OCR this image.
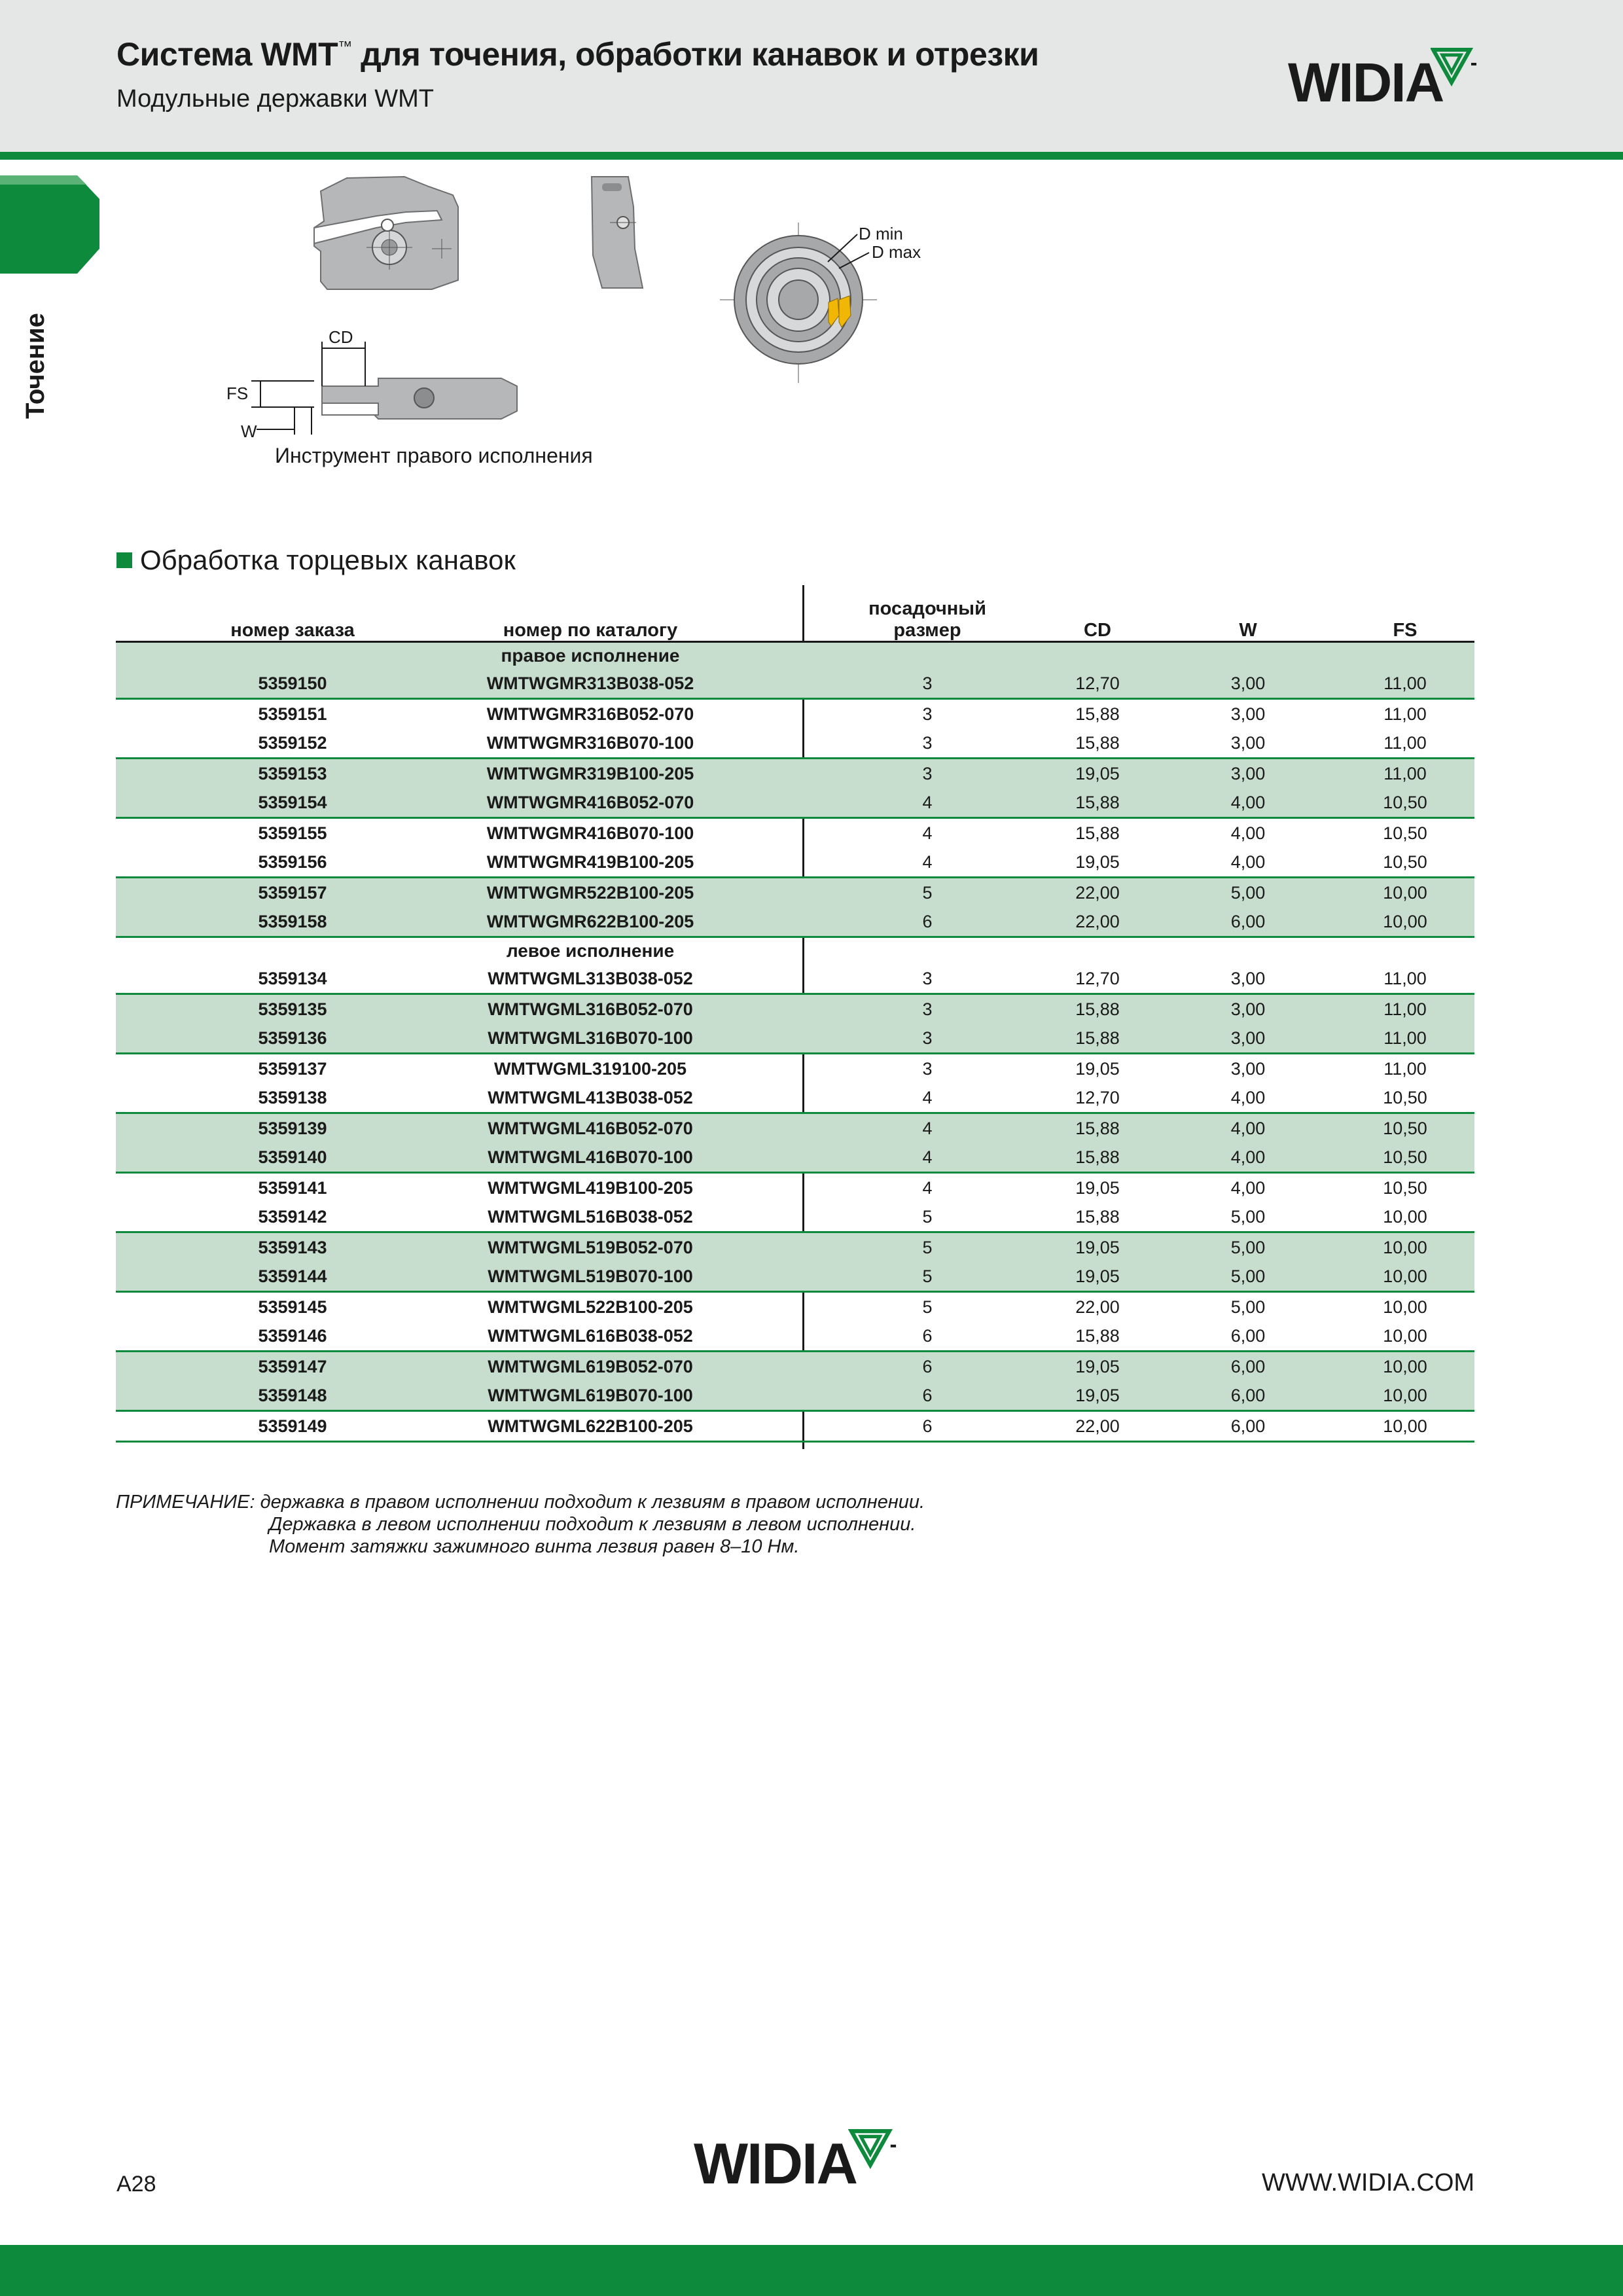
Система WMT™ для точения, обработки канавок и отрезки
Модульные державки WMT	WIDIA
Точение
D min
D max
CD
FS
W
Инструмент правого исполнения
Обработка торцевых канавок
номер заказа	номер по каталогу
посадочный
размер	CD	W	FS
правое исполнение
5359150	WMTWGMR313B038-052	3	12,70	3,00	11,00
5359151	WMTWGMR316B052-070	3	15,88	3,00	11,00
5359152	WMTWGMR316B070-100	3	15,88	3,00	11,00
5359153	WMTWGMR319B100-205	3	19,05	3,00	11,00
5359154	WMTWGMR416B052-070	4	15,88	4,00	10,50
5359155	WMTWGMR416B070-100	4	15,88	4,00	10,50
5359156	WMTWGMR419B100-205	4	19,05	4,00	10,50
5359157	WMTWGMR522B100-205	5	22,00	5,00	10,00
5359158	WMTWGMR622B100-205	6	22,00	6,00	10,00
левое исполнение
5359134	WMTWGML313B038-052	3	12,70	3,00	11,00
5359135	WMTWGML316B052-070	3	15,88	3,00	11,00
5359136	WMTWGML316B070-100	3	15,88	3,00	11,00
5359137	WMTWGML319100-205	3	19,05	3,00	11,00
5359138	WMTWGML413B038-052	4	12,70	4,00	10,50
5359139	WMTWGML416B052-070	4	15,88	4,00	10,50
5359140	WMTWGML416B070-100	4	15,88	4,00	10,50
5359141	WMTWGML419B100-205	4	19,05	4,00	10,50
5359142	WMTWGML516B038-052	5	15,88	5,00	10,00
5359143	WMTWGML519B052-070	5	19,05	5,00	10,00
5359144	WMTWGML519B070-100	5	19,05	5,00	10,00
5359145	WMTWGML522B100-205	5	22,00	5,00	10,00
5359146	WMTWGML616B038-052	6	15,88	6,00	10,00
5359147	WMTWGML619B052-070	6	19,05	6,00	10,00
5359148	WMTWGML619B070-100	6	19,05	6,00	10,00
5359149	WMTWGML622B100-205	6	22,00	6,00	10,00
ПРИМЕЧАНИЕ: державка в правом исполнении подходит к лезвиям в правом исполнении.
Державка в левом исполнении подходит к лезвиям в левом исполнении.
Момент затяжки зажимного винта лезвия равен 8–10 Нм.
A28	WIDIA	WWW.WIDIA.COM
